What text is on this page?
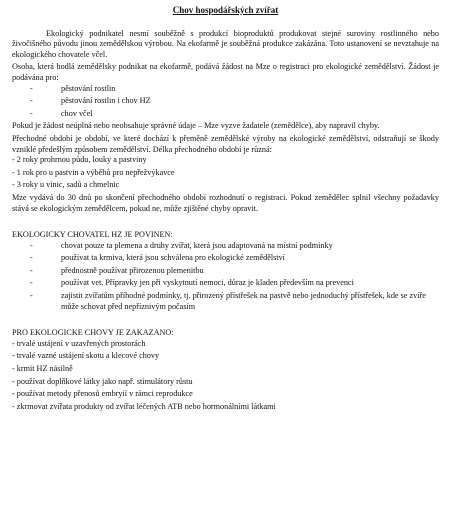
Chov hospodářských zvířat

Ekologický podnikatel nesmí souběžně s produkcí bioproduktů produkovat stejné suroviny rostlinného nebo živočišného původu jinou zemědělskou výrobou. Na ekofarmě je souběžná produkce zakázána. Toto ustanovení se nevztahuje na ekologického chovatele včel.

Osoba, která hodlá zemědělsky podnikat na ekofarmě, podává žádost na Mze o registraci pro ekologické zemědělství. Žádost je podávána pro:

-	pěstování rostlin
-	pěstování rostlin i chov HZ
-	chov včel

Pokud je žádost neúplná nebo neobsahuje správné údaje – Mze vyzve žadatele (zemědělce), aby napravil chyby.

Přechodné období je období, ve které dochází k přeměně zemědělské výroby na ekologické zemědělství, odstraňují se škody vzniklé předešlým způsobem zemědělství. Délka přechodného období je různá:

- 2 roky prohrnou půdu, louky a pastviny
- 1 rok pro u pastvin a výběhů pro nepřežvýkavce
- 3 roky u vinic, sadů a chmelnic

Mze vydává do 30 dnů po skončení přechodného období rozhodnutí o registraci. Pokud zemědělec splnil všechny požadavky stává se ekologickým zemědělcem, pokud ne, může zjištěné chyby opravit.

EKOLOGICKY CHOVATEL HZ JE POVINEN:

-	chovat pouze ta plemena a druhy zvířat, která jsou adaptovaná na místní podmínky
-	používat ta krmiva, která jsou schválena pro ekologické zemědělství
-	přednostně používat přirozenou plemenitbu
-	používat vet. Přípravky jen při vyskytnutí nemoci, důraz je kladen především na prevenci
-	zajistit zvířatům příhodné podmínky, tj. přirozený přístřešek na pastvě nebo jednoduchý přístřešek, kde se zvíře může schovat před nepříznivým počasím

PRO EKOLOGICKE CHOVY JE ZAKAZANO:

- trvalé ustájení v uzavřených prostorách
- trvalé vazné ustájení skotu a klecové chovy
- krmit HZ násilně
- používat doplňkové látky jako např. stimulátory růstu
- používat metody přenosů embryií v rámci reprodukce
- zkrmovat zvířata produkty od zvířat léčených ATB nebo hormonálními látkami
